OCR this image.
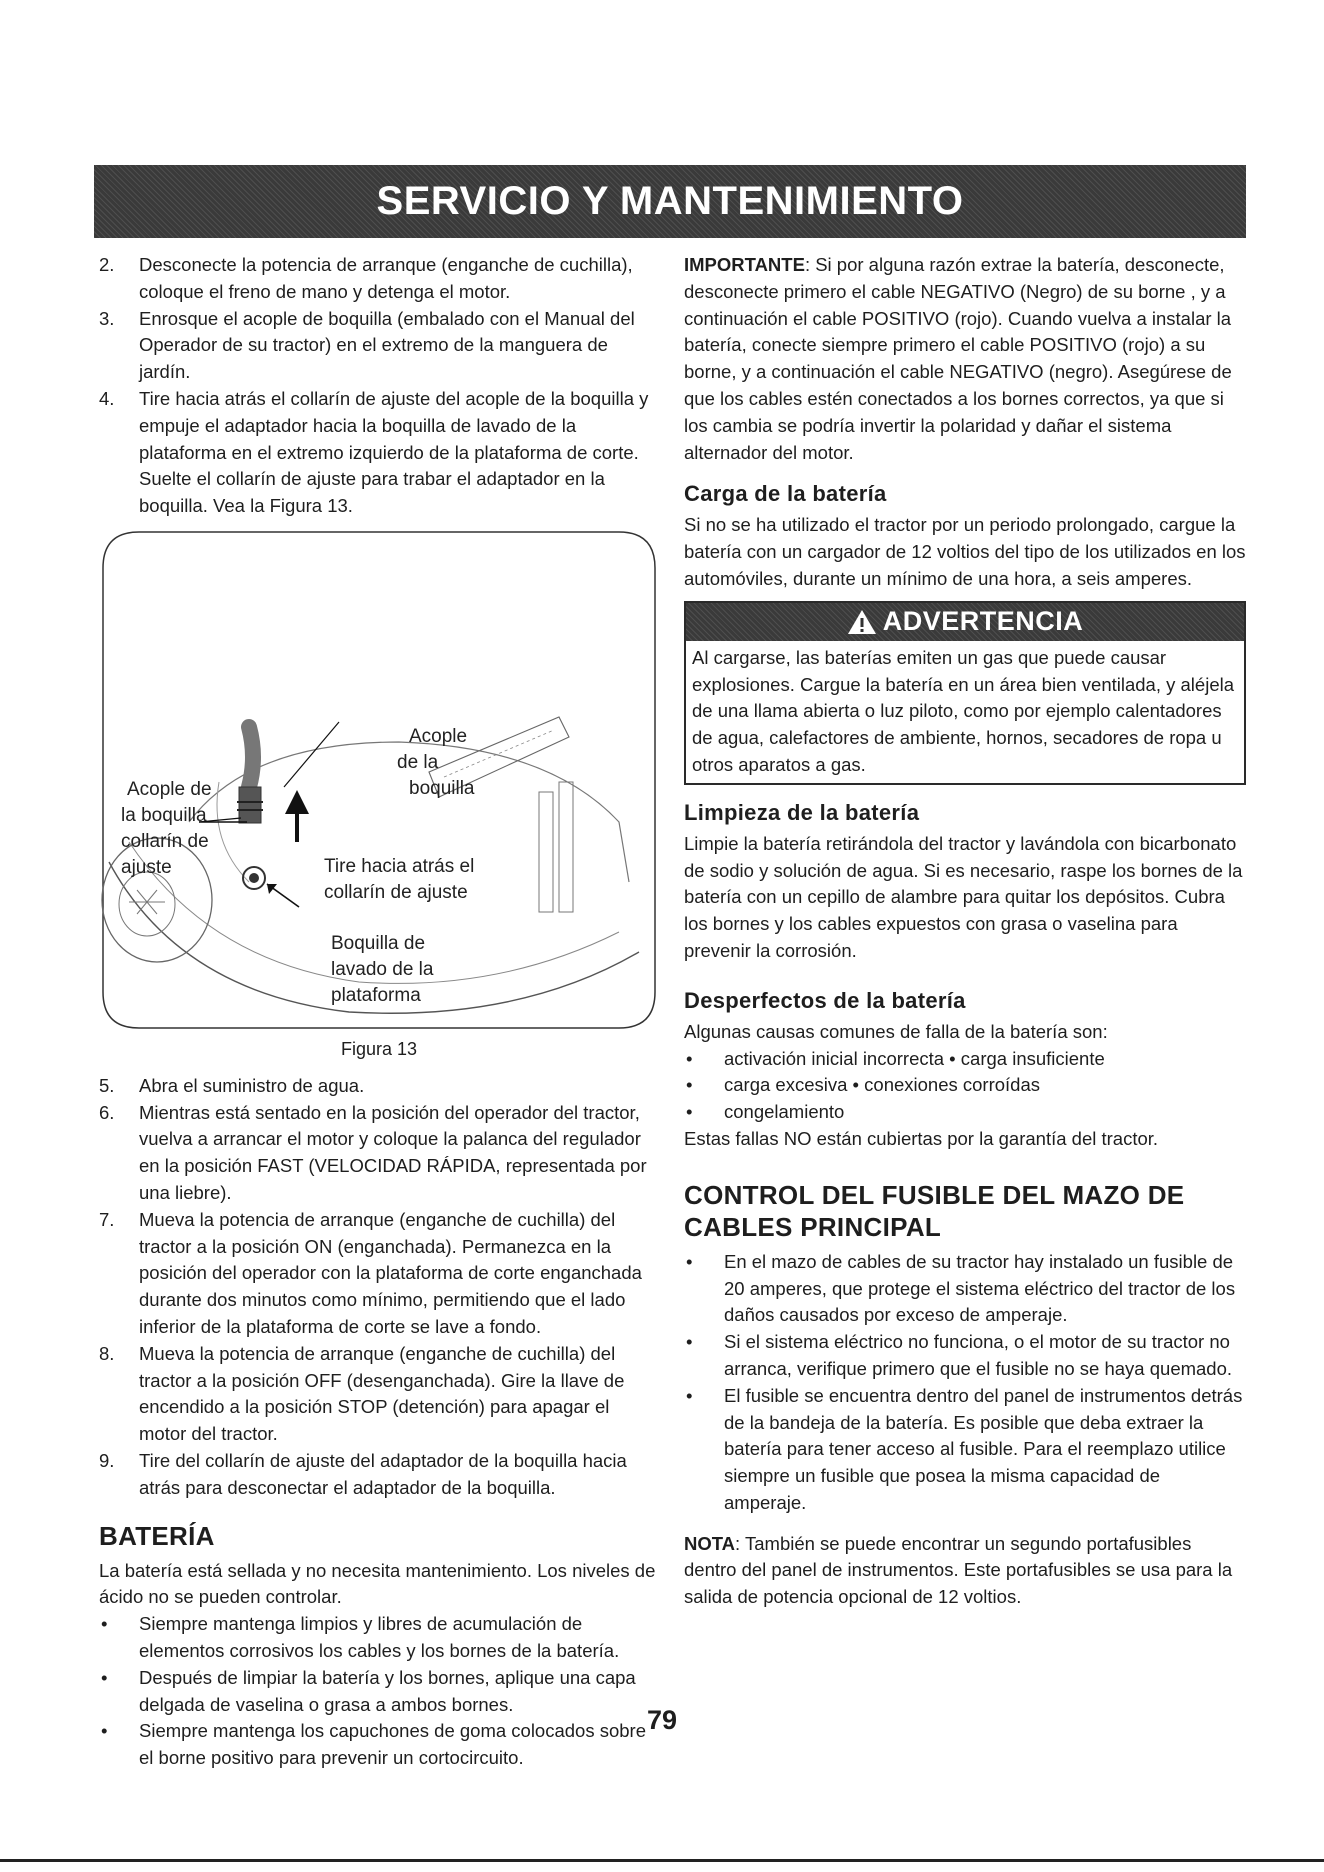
SERVICIO Y MANTENIMIENTO
2. Desconecte la potencia de arranque (enganche de cuchilla), coloque el freno de mano y detenga el motor.

3. Enrosque el acople de boquilla (embalado con el Manual del Operador de su tractor) en el extremo de la manguera de jardín.

4. Tire hacia atrás el collarín de ajuste del acople de la boquilla y empuje el adaptador hacia la boquilla de lavado de la plataforma en el extremo izquierdo de la plataforma de corte. Suelte el collarín de ajuste para trabar el adaptador en la boquilla. Vea la Figura 13.

Acople de
la boquilla
collarín de
ajuste
Acople
de la
boquilla
Tire hacia atrás el
collarín de ajuste
Boquilla de
lavado de la
plataforma

Figura 13

5. Abra el suministro de agua.

6. Mientras está sentado en la posición del operador del tractor, vuelva a arrancar el motor y coloque la palanca del regulador en la posición FAST (VELOCIDAD RÁPIDA, representada por una liebre).

7. Mueva la potencia de arranque (enganche de cuchilla) del tractor a la posición ON (enganchada). Permanezca en la posición del operador con la plataforma de corte enganchada durante dos minutos como mínimo, permitiendo que el lado inferior de la plataforma de corte se lave a fondo.

8. Mueva la potencia de arranque (enganche de cuchilla) del tractor a la posición OFF (desenganchada). Gire la llave de encendido a la posición STOP (detención) para apagar el motor del tractor.

9. Tire del collarín de ajuste del adaptador de la boquilla hacia atrás para desconectar el adaptador de la boquilla.

BATERÍA

La batería está sellada y no necesita mantenimiento. Los niveles de ácido no se pueden controlar.

• Siempre mantenga limpios y libres de acumulación de elementos corrosivos los cables y los bornes de la batería.
• Después de limpiar la batería y los bornes, aplique una capa delgada de vaselina o grasa a ambos bornes.
• Siempre mantenga los capuchones de goma colocados sobre el borne positivo para prevenir un cortocircuito.

IMPORTANTE: Si por alguna razón extrae la batería, desconecte, desconecte primero el cable NEGATIVO (Negro) de su borne , y a continuación el cable POSITIVO (rojo). Cuando vuelva a instalar la batería, conecte siempre primero el cable POSITIVO (rojo) a su borne, y a continuación el cable NEGATIVO (negro). Asegúrese de que los cables estén conectados a los bornes correctos, ya que si los cambia se podría invertir la polaridad y dañar el sistema alternador del motor.

Carga de la batería

Si no se ha utilizado el tractor por un periodo prolongado, cargue la batería con un cargador de 12 voltios del tipo de los utilizados en los automóviles, durante un mínimo de una hora, a seis amperes.

ADVERTENCIA

Al cargarse, las baterías emiten un gas que puede causar explosiones. Cargue la batería en un área bien ventilada, y aléjela de una llama abierta o luz piloto, como por ejemplo calentadores de agua, calefactores de ambiente, hornos, secadores de ropa u otros aparatos a gas.

Limpieza de la batería

Limpie la batería retirándola del tractor y lavándola con bicarbonato de sodio y solución de agua. Si es necesario, raspe los bornes de la batería con un cepillo de alambre para quitar los depósitos. Cubra los bornes y los cables expuestos con grasa o vaselina para prevenir la corrosión.

Desperfectos de la batería

Algunas causas comunes de falla de la batería son:

• activación inicial incorrecta • carga insuficiente
• carga excesiva • conexiones corroídas
• congelamiento

Estas fallas NO están cubiertas por la garantía del tractor.

CONTROL DEL FUSIBLE DEL MAZO DE CABLES PRINCIPAL
• En el mazo de cables de su tractor hay instalado un fusible de 20 amperes, que protege el sistema eléctrico del tractor de los daños causados por exceso de amperaje.
• Si el sistema eléctrico no funciona, o el motor de su tractor no arranca, verifique primero que el fusible no se haya quemado.
• El fusible se encuentra dentro del panel de instrumentos detrás de la bandeja de la batería. Es posible que deba extraer la batería para tener acceso al fusible. Para el reemplazo utilice siempre un fusible que posea la misma capacidad de amperaje.

NOTA: También se puede encontrar un segundo portafusibles dentro del panel de instrumentos. Este portafusibles se usa para la salida de potencia opcional de 12 voltios.

79
